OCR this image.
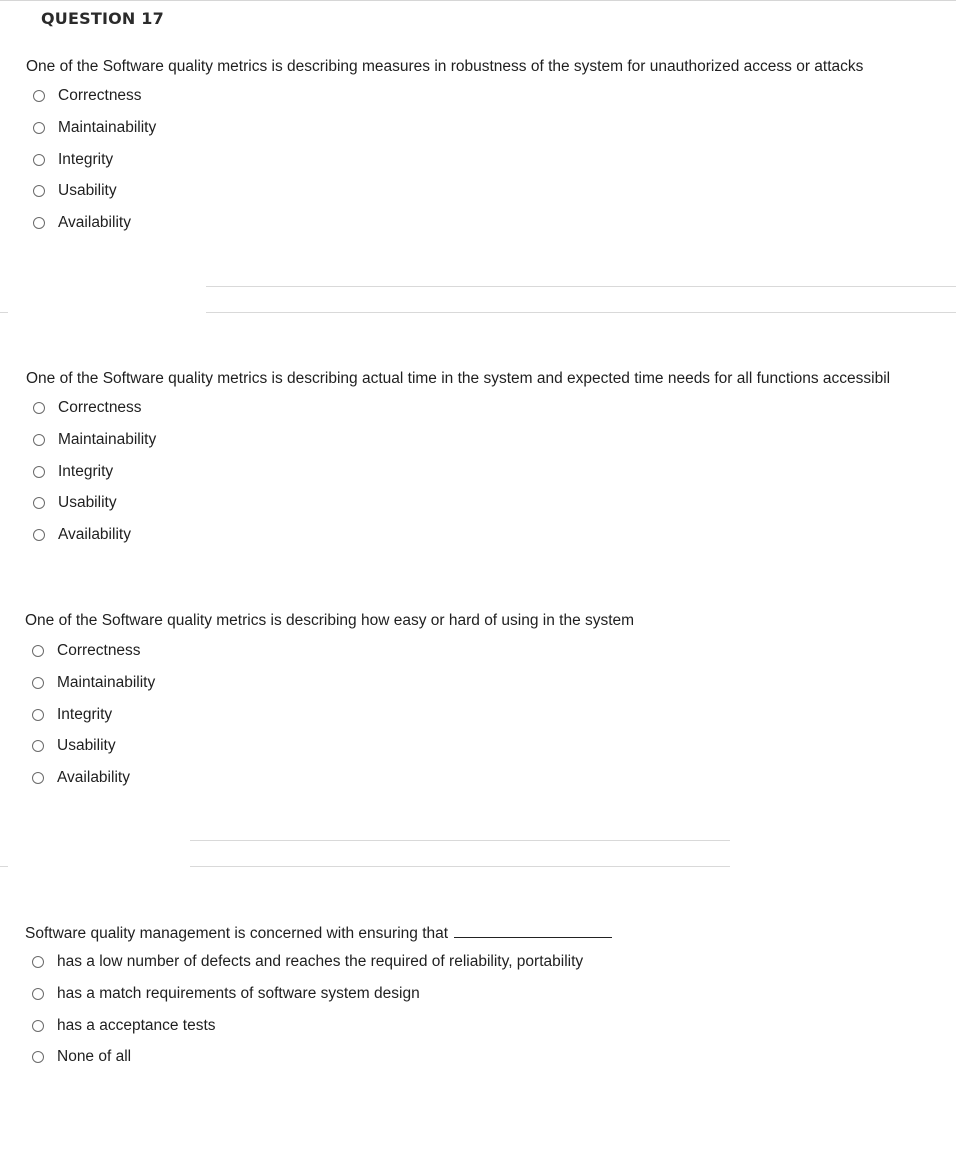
QUESTION 17
One of the Software quality metrics is describing measures in robustness of the system for unauthorized access or attacks
Correctness
Maintainability
Integrity
Usability
Availability
One of the Software quality metrics is describing actual time in the system and expected time needs for all functions accessibil
Correctness
Maintainability
Integrity
Usability
Availability
One of the Software quality metrics is describing how easy or hard of using in the system
Correctness
Maintainability
Integrity
Usability
Availability
Software quality management is concerned with ensuring that
has a low number of defects and reaches the required of reliability, portability
has a match requirements of software system design
has a acceptance tests
None of all
